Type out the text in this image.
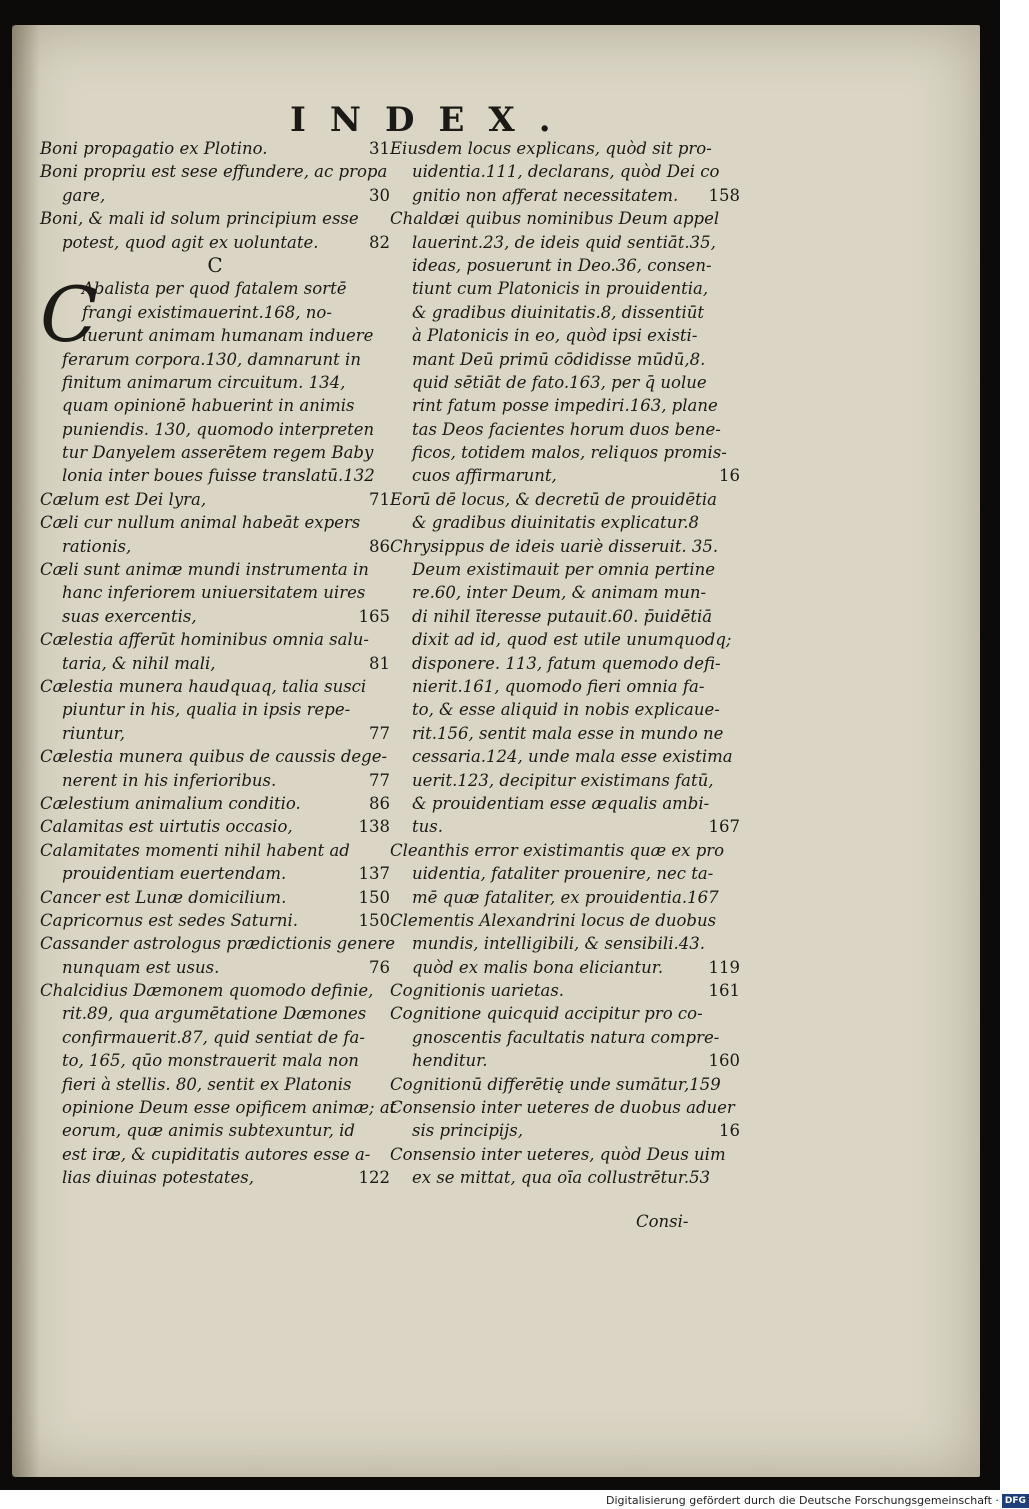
INDEX.
Boni propagatio ex Plotino.	31
Boni propriu est sese effundere, ac propa
gare,	30
Boni, & mali id solum principium esse
potest, quod agit ex uoluntate.	82
C
C
Abalista per quod fatalem sortē
frangi existimauerint.168, no-
luerunt animam humanam induere
ferarum corpora.130, damnarunt in
finitum animarum circuitum. 134,
quam opinionē habuerint in animis
puniendis. 130, quomodo interpreten
tur Danyelem asserētem regem Baby
lonia inter boues fuisse translatū.132
Cælum est Dei lyra,	71
Cæli cur nullum animal habeāt expers
rationis,	86
Cæli sunt animæ mundi instrumenta in
hanc inferiorem uniuersitatem uires
suas exercentis,	165
Cælestia afferūt hominibus omnia salu-
taria, & nihil mali,	81
Cælestia munera haudquaq, talia susci
piuntur in his, qualia in ipsis repe-
riuntur,	77
Cælestia munera quibus de caussis dege-
nerent in his inferioribus.	77
Cælestium animalium conditio.	86
Calamitas est uirtutis occasio,	138
Calamitates momenti nihil habent ad
prouidentiam euertendam.	137
Cancer est Lunæ domicilium.	150
Capricornus est sedes Saturni.	150
Cassander astrologus prædictionis genere
nunquam est usus.	76
Chalcidius Dæmonem quomodo definie,
rit.89, qua argumētatione Dæmones
confirmauerit.87, quid sentiat de fa-
to, 165, qūo monstrauerit mala non
fieri à stellis. 80, sentit ex Platonis
opinione Deum esse opificem animæ; at
eorum, quæ animis subtexuntur, id
est iræ, & cupiditatis autores esse a-
lias diuinas potestates,	122
Eiusdem locus explicans, quòd sit pro-
uidentia.111, declarans, quòd Dei co
gnitio non afferat necessitatem. 158
Chaldæi quibus nominibus Deum appel
lauerint.23, de ideis quid sentiāt.35,
ideas, posuerunt in Deo.36, consen-
tiunt cum Platonicis in prouidentia,
& gradibus diuinitatis.8, dissentiūt
à Platonicis in eo, quòd ipsi existi-
mant Deū primū cōdidisse mūdū,8.
quid sētiāt de fato.163, per q̄ uolue
rint fatum posse impediri.163, plane
tas Deos facientes horum duos bene-
ficos, totidem malos, reliquos promis-
cuos affirmarunt,	16
Eorū dē locus, & decretū de prouidētia
& gradibus diuinitatis explicatur.8
Chrysippus de ideis uariè disseruit. 35.
Deum existimauit per omnia pertine
re.60, inter Deum, & animam mun-
di nihil īteresse putauit.60. p̄uidētiā
dixit ad id, quod est utile unumquodq;
disponere. 113, fatum quemodo defi-
nierit.161, quomodo fieri omnia fa-
to, & esse aliquid in nobis explicaue-
rit.156, sentit mala esse in mundo ne
cessaria.124, unde mala esse existima
uerit.123, decipitur existimans fatū,
& prouidentiam esse æqualis ambi-
tus.	167
Cleanthis error existimantis quæ ex pro
uidentia, fataliter prouenire, nec ta-
mē quæ fataliter, ex prouidentia.167
Clementis Alexandrini locus de duobus
mundis, intelligibili, & sensibili.43.
quòd ex malis bona eliciantur.	119
Cognitionis uarietas.	161
Cognitione quicquid accipitur pro co-
gnoscentis facultatis natura compre-
henditur.	160
Cognitionū differētię unde sumātur,159
Consensio inter ueteres de duobus aduer
sis principijs,	16
Consensio inter ueteres, quòd Deus uim
ex se mittat, qua oīa collustrētur.53
Consi-
Digitalisierung gefördert durch die Deutsche Forschungsgemeinschaft · DFG
